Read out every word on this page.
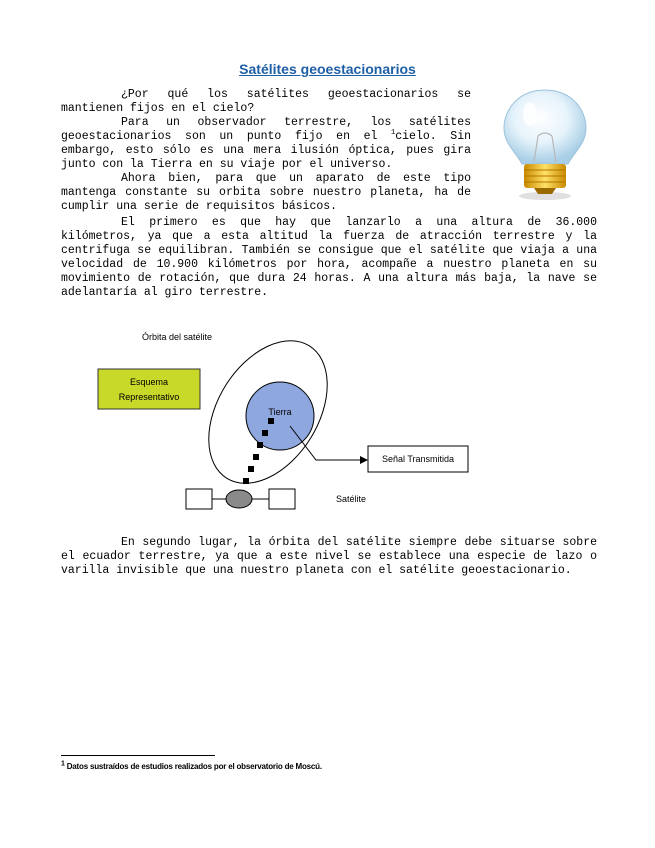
Satélites geoestacionarios

¿Por qué los satélites geoestacionarios se mantienen fijos en el cielo?

Para un observador terrestre, los satélites geoestacionarios son un punto fijo en el $^1$cielo. Sin embargo, esto sólo es una mera ilusión óptica, pues gira junto con la Tierra en su viaje por el universo.

Ahora bien, para que un aparato de este tipo mantenga constante su orbita sobre nuestro planeta, ha de cumplir una serie de requisitos básicos.

El primero es que hay que lanzarlo a una altura de 36.000 kilómetros, ya que a esta altitud la fuerza de atracción terrestre y la centrifuga se equilibran. También se consigue que el satélite que viaja a una velocidad de 10.900 kilómetros por hora, acompañe a nuestro planeta en su movimiento de rotación, que dura 24 horas. A una altura más baja, la nave se adelantaría al giro terrestre.

Órbita del satélite
Esquema
Representativo
Tierra
Señal Transmitida
Satélite

En segundo lugar, la órbita del satélite siempre debe situarse sobre el ecuador terrestre, ya que a este nivel se establece una especie de lazo o varilla invisible que una nuestro planeta con el satélite geoestacionario.

$^1$ Datos sustraídos de estudios realizados por el observatorio de Moscú.
